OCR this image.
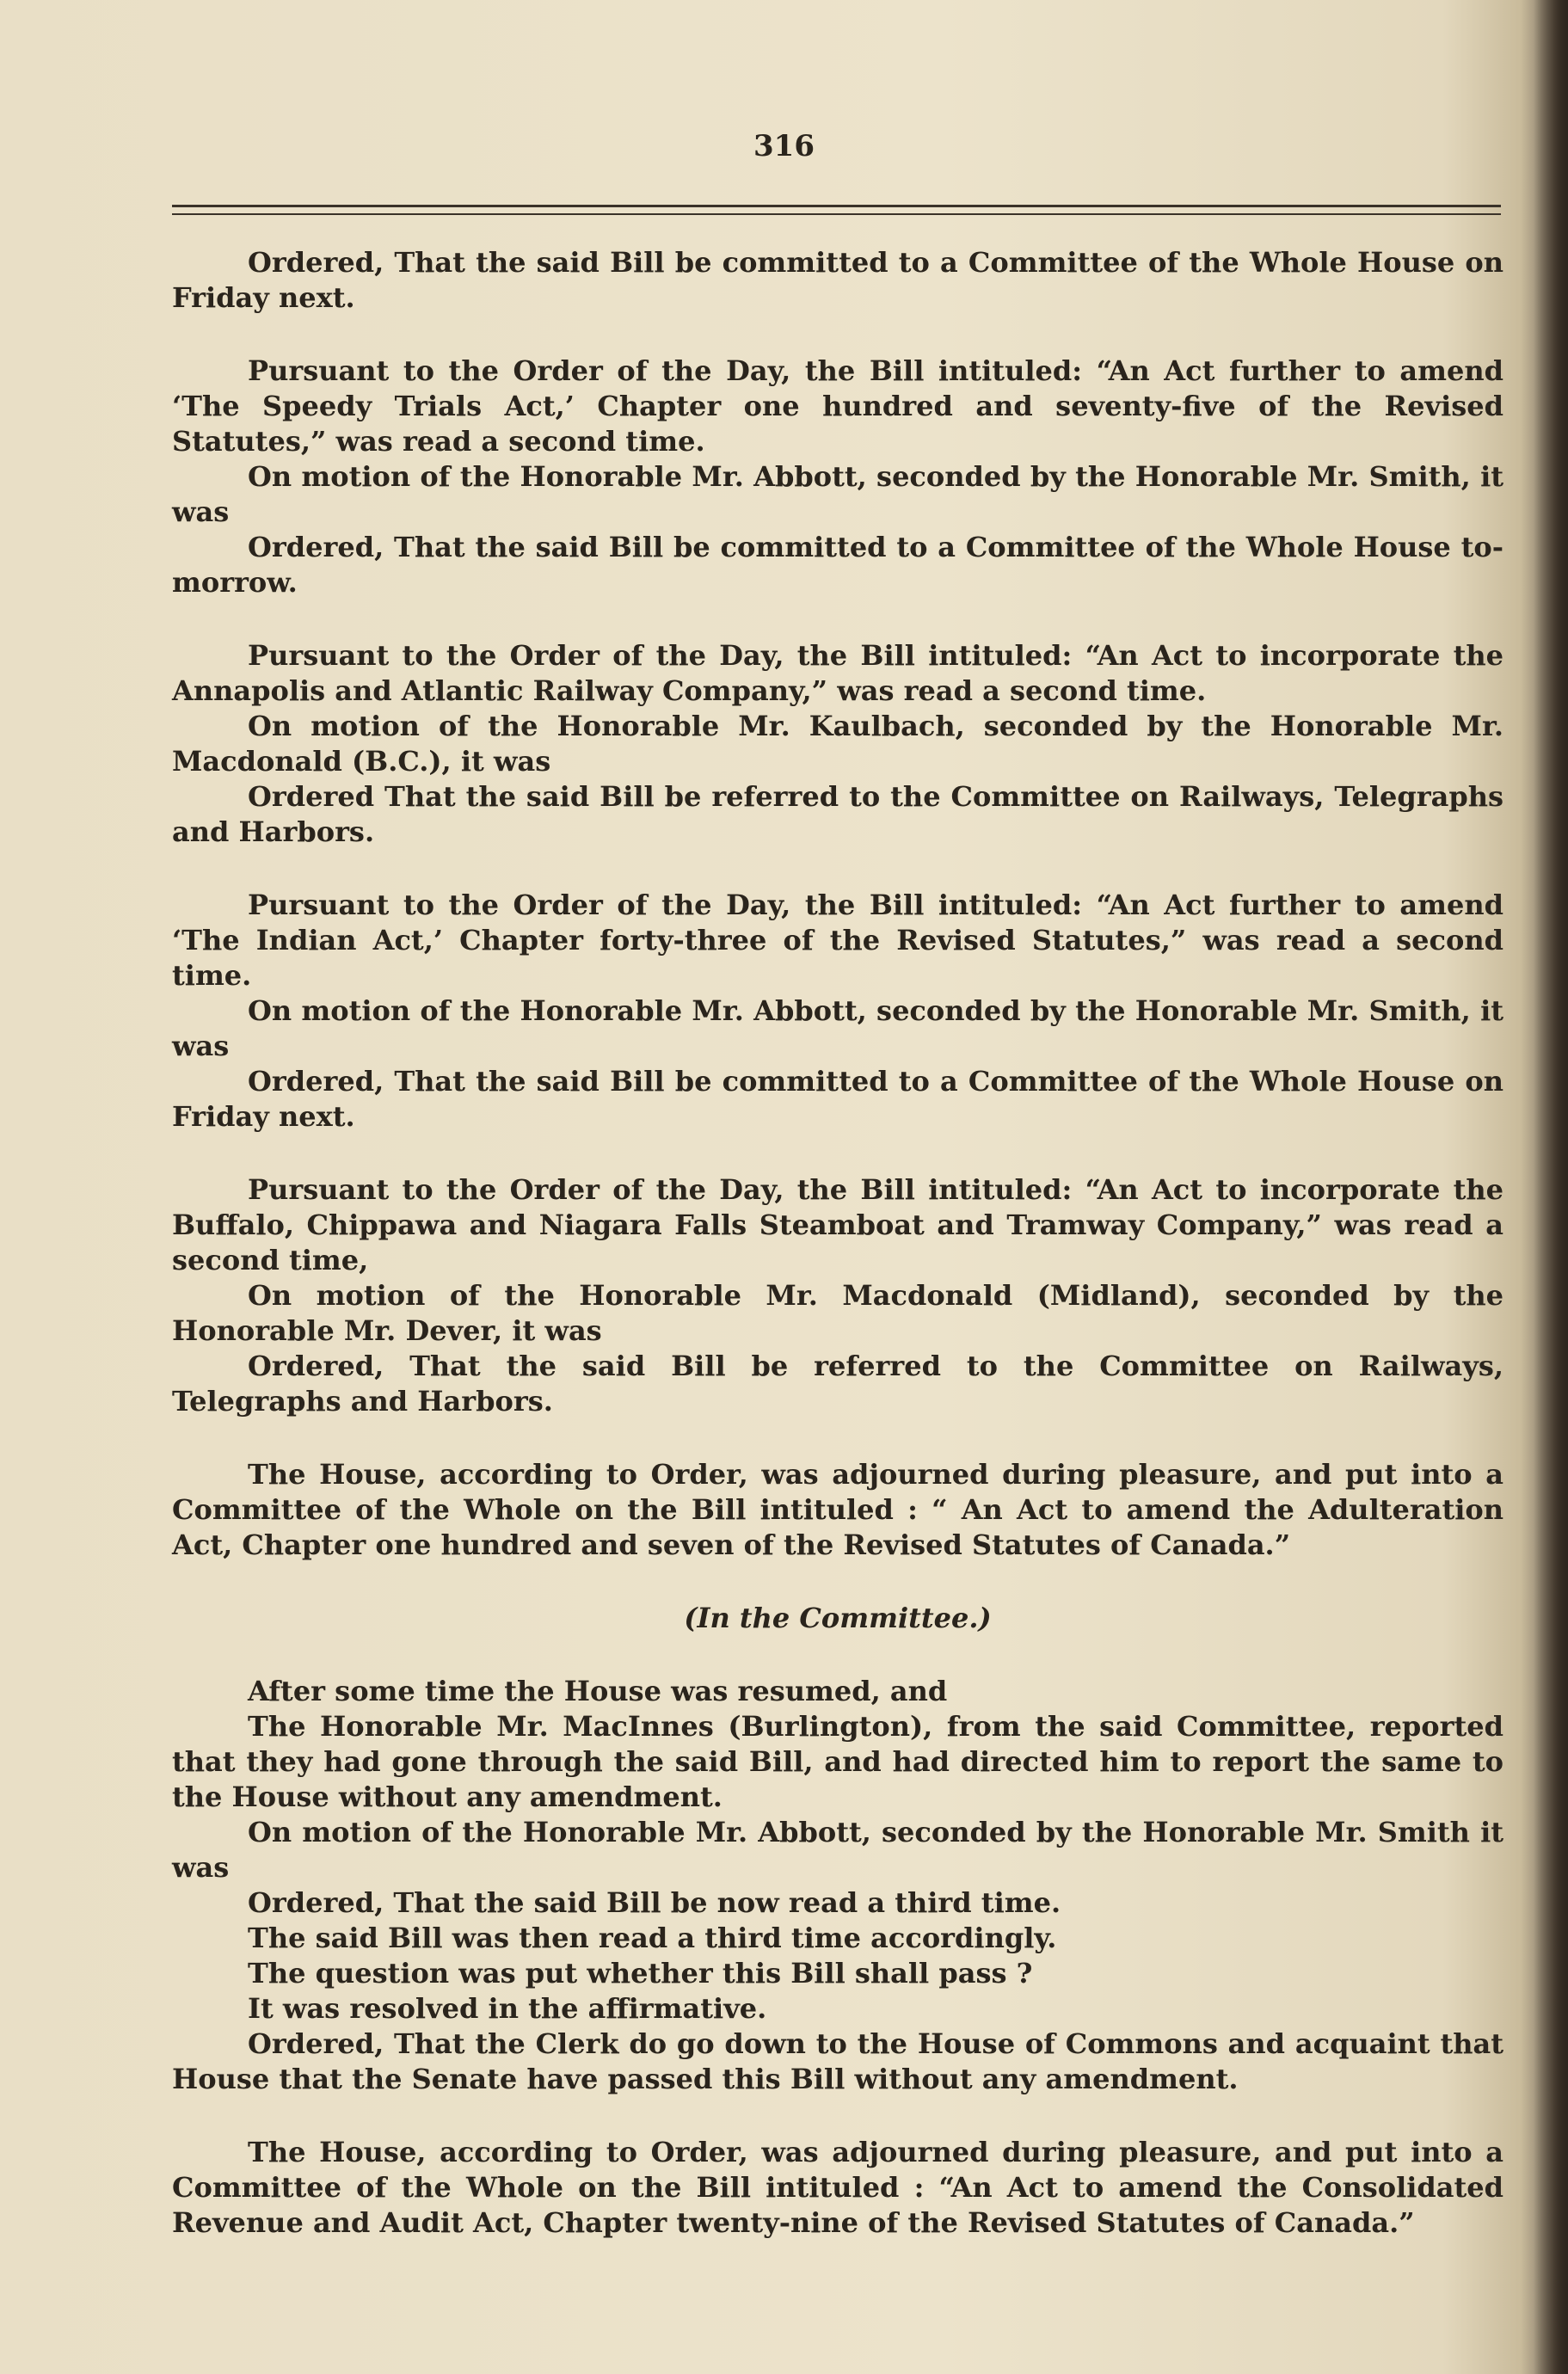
316

Ordered, That the said Bill be committed to a Committee of the Whole House on Friday next.

Pursuant to the Order of the Day, the Bill intituled: “An Act further to amend ‘The Speedy Trials Act,’ Chapter one hundred and seventy-five of the Revised Statutes,” was read a second time.

On motion of the Honorable Mr. Abbott, seconded by the Honorable Mr. Smith, it was

Ordered, That the said Bill be committed to a Committee of the Whole House to-morrow.

Pursuant to the Order of the Day, the Bill intituled: “An Act to incorporate the Annapolis and Atlantic Railway Company,” was read a second time.

On motion of the Honorable Mr. Kaulbach, seconded by the Honorable Mr. Macdonald (B.C.), it was

Ordered That the said Bill be referred to the Committee on Railways, Telegraphs and Harbors.

Pursuant to the Order of the Day, the Bill intituled: “An Act further to amend ‘The Indian Act,’ Chapter forty-three of the Revised Statutes,” was read a second time.

On motion of the Honorable Mr. Abbott, seconded by the Honorable Mr. Smith, it was

Ordered, That the said Bill be committed to a Committee of the Whole House on Friday next.

Pursuant to the Order of the Day, the Bill intituled: “An Act to incorporate the Buffalo, Chippawa and Niagara Falls Steamboat and Tramway Company,” was read a second time,

On motion of the Honorable Mr. Macdonald (Midland), seconded by the Honorable Mr. Dever, it was

Ordered, That the said Bill be referred to the Committee on Railways, Telegraphs and Harbors.

The House, according to Order, was adjourned during pleasure, and put into a Committee of the Whole on the Bill intituled : “ An Act to amend the Adulteration Act, Chapter one hundred and seven of the Revised Statutes of Canada.”

(In the Committee.)

After some time the House was resumed, and

The Honorable Mr. MacInnes (Burlington), from the said Committee, reported that they had gone through the said Bill, and had directed him to report the same to the House without any amendment.

On motion of the Honorable Mr. Abbott, seconded by the Honorable Mr. Smith it was

Ordered, That the said Bill be now read a third time.

The said Bill was then read a third time accordingly.

The question was put whether this Bill shall pass ?

It was resolved in the affirmative.

Ordered, That the Clerk do go down to the House of Commons and acquaint that House that the Senate have passed this Bill without any amendment.

The House, according to Order, was adjourned during pleasure, and put into a Committee of the Whole on the Bill intituled : “An Act to amend the Consolidated Revenue and Audit Act, Chapter twenty-nine of the Revised Statutes of Canada.”
